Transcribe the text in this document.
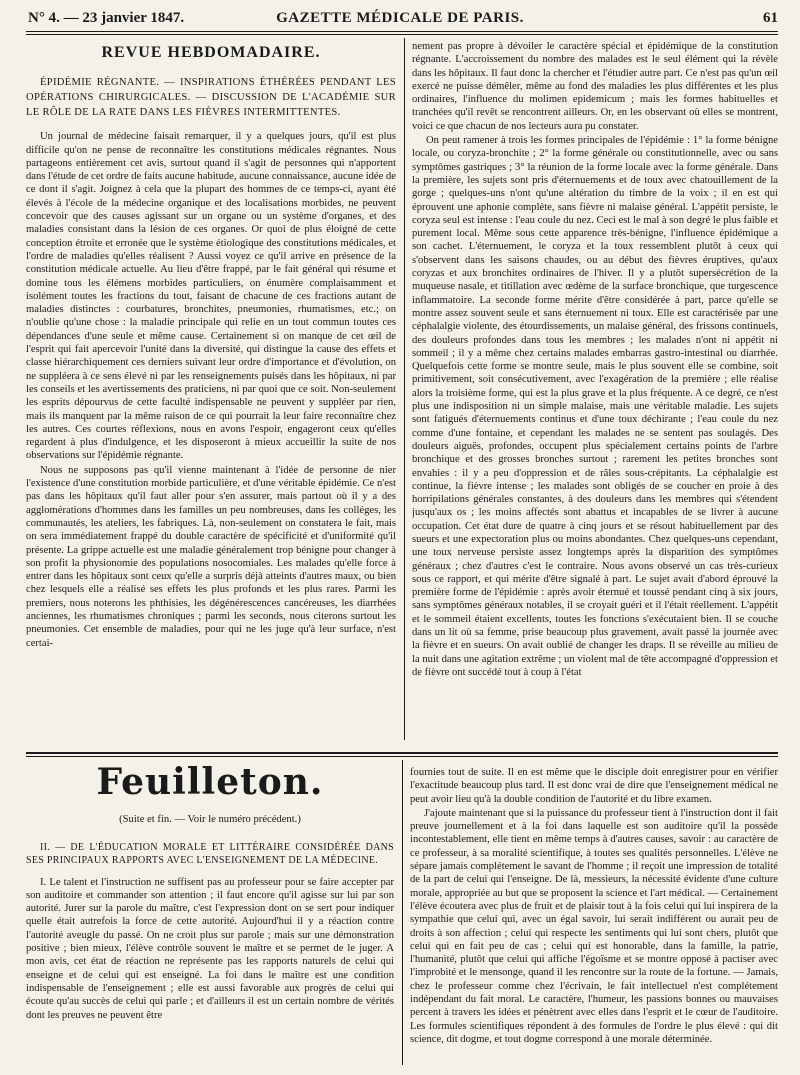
N° 4. — 23 janvier 1847.	GAZETTE MÉDICALE DE PARIS.	61
REVUE HEBDOMADAIRE.
ÉPIDÉMIE RÉGNANTE. — INSPIRATIONS ÉTHÉRÉES PENDANT LES OPÉRATIONS CHIRURGICALES. — DISCUSSION DE L'ACADÉMIE SUR LE RÔLE DE LA RATE DANS LES FIÈVRES INTERMITTENTES.

Un journal de médecine faisait remarquer, il y a quelques jours, qu'il est plus difficile qu'on ne pense de reconnaître les constitutions médicales régnantes. Nous partageons entièrement cet avis, surtout quand il s'agit de personnes qui n'apportent dans l'étude de cet ordre de faits aucune habitude, aucune connaissance, aucune idée de ce dont il s'agit. Joignez à cela que la plupart des hommes de ce temps-ci, ayant été élevés à l'école de la médecine organique et des localisations morbides, ne peuvent concevoir que des causes agissant sur un organe ou un système d'organes, et des maladies consistant dans la lésion de ces organes. Or quoi de plus éloigné de cette conception étroite et erronée que le système étiologique des constitutions médicales, et l'ordre de maladies qu'elles réalisent ? Aussi voyez ce qu'il arrive en présence de la constitution médicale actuelle. Au lieu d'être frappé, par le fait général qui résume et domine tous les élémens morbides particuliers, on énumère complaisamment et isolément toutes les fractions du tout, faisant de chacune de ces fractions autant de maladies distinctes : courbatures, bronchites, pneumonies, rhumatismes, etc.; on n'oublie qu'une chose : la maladie principale qui relie en un tout commun toutes ces dépendances d'une seule et même cause. Certainement si on manque de cet œil de l'esprit qui fait apercevoir l'unité dans la diversité, qui distingue la cause des effets et classe hiérarchiquement ces derniers suivant leur ordre d'importance et d'évolution, on ne suppléera à ce sens élevé ni par les renseignements puisés dans les hôpitaux, ni par les conseils et les avertissements des praticiens, ni par quoi que ce soit. Non-seulement les esprits dépourvus de cette faculté indispensable ne peuvent y suppléer par rien, mais ils manquent par la même raison de ce qui pourrait la leur faire reconnaître chez les autres. Ces courtes réflexions, nous en avons l'espoir, engageront ceux qu'elles regardent à plus d'indulgence, et les disposeront à mieux accueillir la suite de nos observations sur l'épidémie régnante.

Nous ne supposons pas qu'il vienne maintenant à l'idée de personne de nier l'existence d'une constitution morbide particulière, et d'une véritable épidémie. Ce n'est pas dans les hôpitaux qu'il faut aller pour s'en assurer, mais partout où il y a des agglomérations d'hommes dans les familles un peu nombreuses, dans les colléges, les communautés, les ateliers, les fabriques. Là, non-seulement on constatera le fait, mais on sera immédiatement frappé du double caractère de spécificité et d'uniformité qu'il présente. La grippe actuelle est une maladie généralement trop bénigne pour changer à son profit la physionomie des populations nosocomiales. Les malades qu'elle force à entrer dans les hôpitaux sont ceux qu'elle a surpris déjà atteints d'autres maux, ou bien chez lesquels elle a réalisé ses effets les plus profonds et les plus rares. Parmi les premiers, nous noterons les phthisies, les dégénérescences cancéreuses, les diarrhées anciennes, les rhumatismes chroniques ; parmi les seconds, nous citerons surtout les pneumonies. Cet ensemble de maladies, pour qui ne les juge qu'à leur surface, n'est certai-

nement pas propre à dévoiler le caractère spécial et épidémique de la constitution régnante. L'accroissement du nombre des malades est le seul élément qui la révèle dans les hôpitaux. Il faut donc la chercher et l'étudier autre part. Ce n'est pas qu'un œil exercé ne puisse démêler, même au fond des maladies les plus différentes et les plus ordinaires, l'influence du molimen epidemicum ; mais les formes habituelles et tranchées qu'il revêt se rencontrent ailleurs. Or, en les observant où elles se montrent, voici ce que chacun de nos lecteurs aura pu constater.

On peut ramener à trois les formes principales de l'épidémie : 1° la forme bénigne locale, ou coryza-bronchite ; 2° la forme générale ou constitutionnelle, avec ou sans symptômes gastriques ; 3° la réunion de la forme locale avec la forme générale. Dans la première, les sujets sont pris d'éternuements et de toux avec chatouillement de la gorge ; quelques-uns n'ont qu'une altération du timbre de la voix ; il en est qui éprouvent une aphonie complète, sans fièvre ni malaise général. L'appétit persiste, le coryza seul est intense : l'eau coule du nez. Ceci est le mal à son degré le plus faible et purement local. Même sous cette apparence très-bénigne, l'influence épidémique a son cachet. L'éternuement, le coryza et la toux ressemblent plutôt à ceux qui s'observent dans les saisons chaudes, ou au début des fièvres éruptives, qu'aux coryzas et aux bronchites ordinaires de l'hiver. Il y a plutôt supersécrétion de la muqueuse nasale, et titillation avec œdème de la surface bronchique, que turgescence inflammatoire. La seconde forme mérite d'être considérée à part, parce qu'elle se montre assez souvent seule et sans éternuement ni toux. Elle est caractérisée par une céphalalgie violente, des étourdissements, un malaise général, des frissons continuels, des douleurs profondes dans tous les membres ; les malades n'ont ni appétit ni sommeil ; il y a même chez certains malades embarras gastro-intestinal ou diarrhée. Quelquefois cette forme se montre seule, mais le plus souvent elle se combine, soit primitivement, soit consécutivement, avec l'exagération de la première ; elle réalise alors la troisième forme, qui est la plus grave et la plus fréquente. A ce degré, ce n'est plus une indisposition ni un simple malaise, mais une véritable maladie. Les sujets sont fatigués d'éternuements continus et d'une toux déchirante ; l'eau coule du nez comme d'une fontaine, et cependant les malades ne se sentent pas soulagés. Des douleurs aiguës, profondes, occupent plus spécialement certains points de l'arbre bronchique et des grosses bronches surtout ; rarement les petites bronches sont envahies : il y a peu d'oppression et de râles sous-crépitants. La céphalalgie est continue, la fièvre intense ; les malades sont obligés de se coucher en proie à des horripilations générales constantes, à des douleurs dans les membres qui s'étendent jusqu'aux os ; les moins affectés sont abattus et incapables de se livrer à aucune occupation. Cet état dure de quatre à cinq jours et se résout habituellement par des sueurs et une expectoration plus ou moins abondantes. Chez quelques-uns cependant, une toux nerveuse persiste assez longtemps après la disparition des symptômes généraux ; chez d'autres c'est le contraire. Nous avons observé un cas très-curieux sous ce rapport, et qui mérite d'être signalé à part. Le sujet avait d'abord éprouvé la première forme de l'épidémie : après avoir éternué et toussé pendant cinq à six jours, sans symptômes généraux notables, il se croyait guéri et il l'était réellement. L'appétit et le sommeil étaient excellents, toutes les fonctions s'exécutaient bien. Il se couche dans un lit où sa femme, prise beaucoup plus gravement, avait passé la journée avec la fièvre et en sueurs. On avait oublié de changer les draps. Il se réveille au milieu de la nuit dans une agitation extrême ; un violent mal de tête accompagné d'oppression et de fièvre ont succédé tout à coup à l'état

Feuilleton.
(Suite et fin. — Voir le numéro précédent.)
II. — DE L'ÉDUCATION MORALE ET LITTÉRAIRE CONSIDÉRÉE DANS SES PRINCIPAUX RAPPORTS AVEC L'ENSEIGNEMENT DE LA MÉDECINE.

I. Le talent et l'instruction ne suffisent pas au professeur pour se faire accepter par son auditoire et commander son attention ; il faut encore qu'il agisse sur lui par son autorité. Jurer sur la parole du maître, c'est l'expression dont on se sert pour indiquer quelle était autrefois la force de cette autorité. Aujourd'hui il y a réaction contre l'autorité aveugle du passé. On ne croit plus sur parole ; mais sur une démonstration positive ; bien mieux, l'élève contrôle souvent le maître et se permet de le juger. A mon avis, cet état de réaction ne représente pas les rapports naturels de celui qui enseigne et de celui qui est enseigné. La foi dans le maître est une condition indispensable de l'enseignement ; elle est aussi favorable aux progrès de celui qui écoute qu'au succès de celui qui parle ; et d'ailleurs il est un certain nombre de vérités dont les preuves ne peuvent être

fournies tout de suite. Il en est même que le disciple doit enregistrer pour en vérifier l'exactitude beaucoup plus tard. Il est donc vrai de dire que l'enseignement médical ne peut avoir lieu qu'à la double condition de l'autorité et du libre examen.

J'ajoute maintenant que si la puissance du professeur tient à l'instruction dont il fait preuve journellement et à la foi dans laquelle est son auditoire qu'il la possède incontestablement, elle tient en même temps à d'autres causes, savoir : au caractère de ce professeur, à sa moralité scientifique, à toutes ses qualités personnelles. L'élève ne sépare jamais complétement le savant de l'homme ; il reçoit une impression de totalité de la part de celui qui l'enseigne. De là, messieurs, la nécessité évidente d'une culture morale, appropriée au but que se proposent la science et l'art médical. — Certainement l'élève écoutera avec plus de fruit et de plaisir tout à la fois celui qui lui inspirera de la sympathie que celui qui, avec un égal savoir, lui serait indifférent ou aurait peu de droits à son affection ; celui qui respecte les sentiments qui lui sont chers, plutôt que celui qui en fait peu de cas ; celui qui est honorable, dans la famille, la patrie, l'humanité, plutôt que celui qui affiche l'égoïsme et se montre opposé à pactiser avec l'improbité et le mensonge, quand il les rencontre sur la route de la fortune. — Jamais, chez le professeur comme chez l'écrivain, le fait intellectuel n'est complétement indépendant du fait moral. Le caractère, l'humeur, les passions bonnes ou mauvaises percent à travers les idées et pénètrent avec elles dans l'esprit et le cœur de l'auditoire. Les formules scientifiques répondent à des formules de l'ordre le plus élevé : qui dit science, dit dogme, et tout dogme correspond à une morale déterminée.
